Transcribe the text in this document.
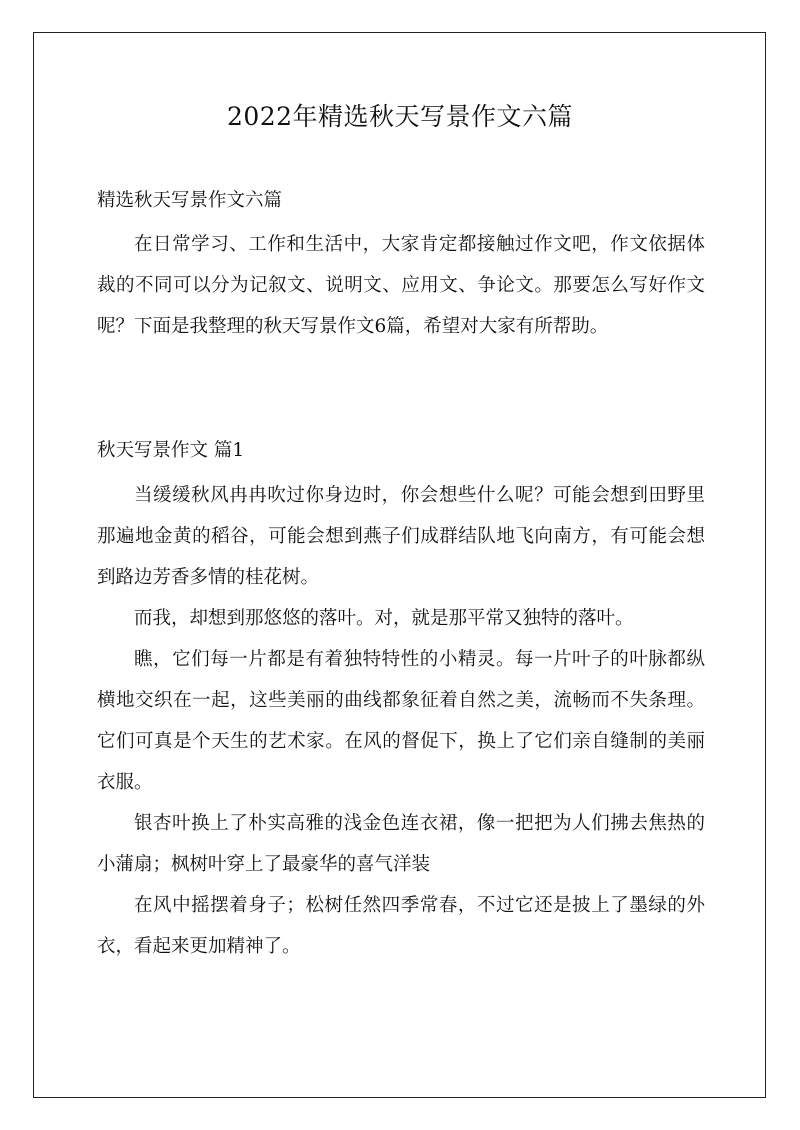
2022年精选秋天写景作文六篇
精选秋天写景作文六篇

在日常学习、工作和生活中，大家肯定都接触过作文吧，作文依据体裁的不同可以分为记叙文、说明文、应用文、争论文。那要怎么写好作文呢？下面是我整理的秋天写景作文6篇，希望对大家有所帮助。

秋天写景作文 篇1

当缓缓秋风冉冉吹过你身边时，你会想些什么呢？可能会想到田野里那遍地金黄的稻谷，可能会想到燕子们成群结队地飞向南方，有可能会想到路边芳香多情的桂花树。

而我，却想到那悠悠的落叶。对，就是那平常又独特的落叶。

瞧，它们每一片都是有着独特特性的小精灵。每一片叶子的叶脉都纵横地交织在一起，这些美丽的曲线都象征着自然之美，流畅而不失条理。它们可真是个天生的艺术家。在风的督促下，换上了它们亲自缝制的美丽衣服。

银杏叶换上了朴实高雅的浅金色连衣裙，像一把把为人们拂去焦热的小蒲扇；枫树叶穿上了最豪华的喜气洋装

在风中摇摆着身子；松树任然四季常春，不过它还是披上了墨绿的外衣，看起来更加精神了。
